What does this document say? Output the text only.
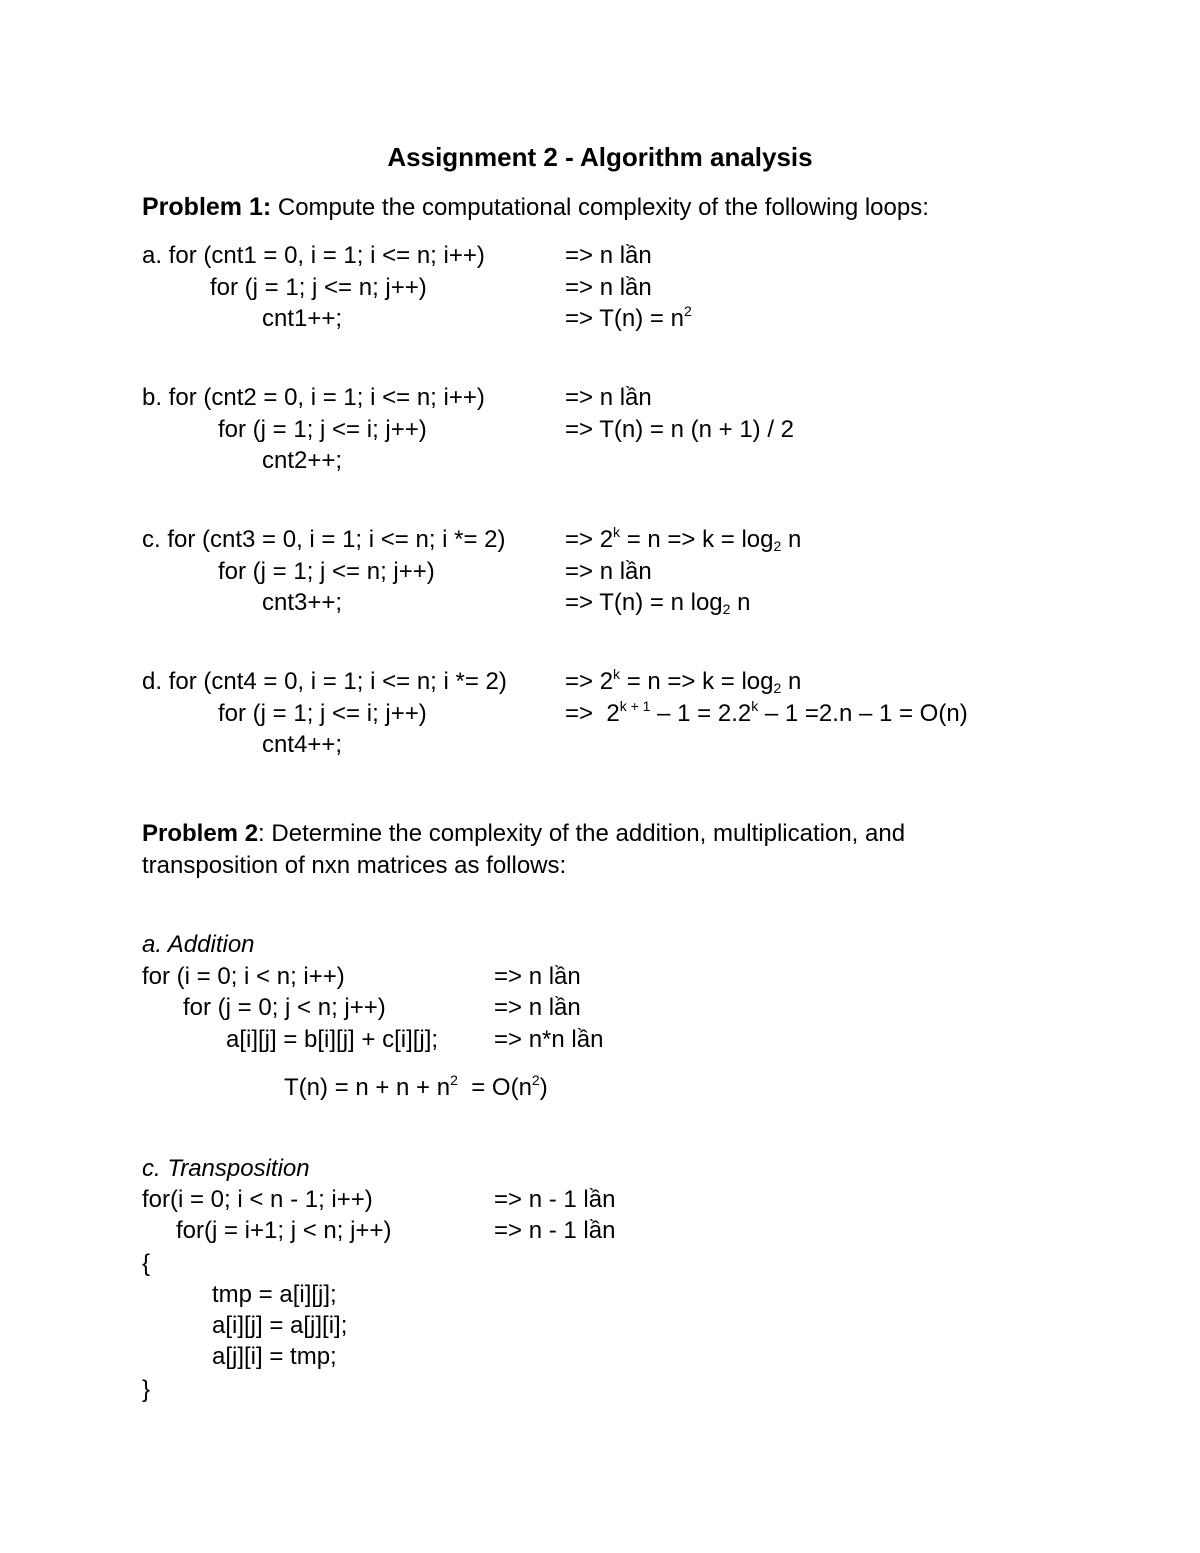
Assignment 2 - Algorithm analysis
Problem 1: Compute the computational complexity of the following loops:
a. for (cnt1 = 0, i = 1; i <= n; i++)
for (j = 1; j <= n; j++)
cnt1++;
=> n lần
=> n lần
=> $T(n) = n^2$
b. for (cnt2 = 0, i = 1; i <= n; i++)
for (j = 1; j <= i; j++)
cnt2++;
=> n lần
=> T(n) = n (n + 1) / 2
c. for (cnt3 = 0, i = 1; i <= n; i *= 2)
for (j = 1; j <= n; j++)
cnt3++;
=> $2^k = n => k = \log_2 n$
=> n lần
=> T(n) = n $\log_2 n$
d. for (cnt4 = 0, i = 1; i <= n; i *= 2)
for (j = 1; j <= i; j++)
cnt4++;
=> $2^k = n => k = \log_2 n$
=>  $2^{k + 1} - 1 = 2.2^k - 1 =2.n - 1 = O(n)$
Problem 2: Determine the complexity of the addition, multiplication, and
transposition of nxn matrices as follows:
a. Addition
for (i = 0; i < n; i++)
for (j = 0; j < n; j++)
a[i][j] = b[i][j] + c[i][j];
=> n lần
=> n lần
=> n*n lần
$T(n) = n + n + n^2 = O(n^2)$
c. Transposition
for(i = 0; i < n - 1; i++)
for(j = i+1; j < n; j++)
{
tmp = a[i][j];
a[i][j] = a[j][i];
a[j][i] = tmp;
}
=> n - 1 lần
=> n - 1 lần
